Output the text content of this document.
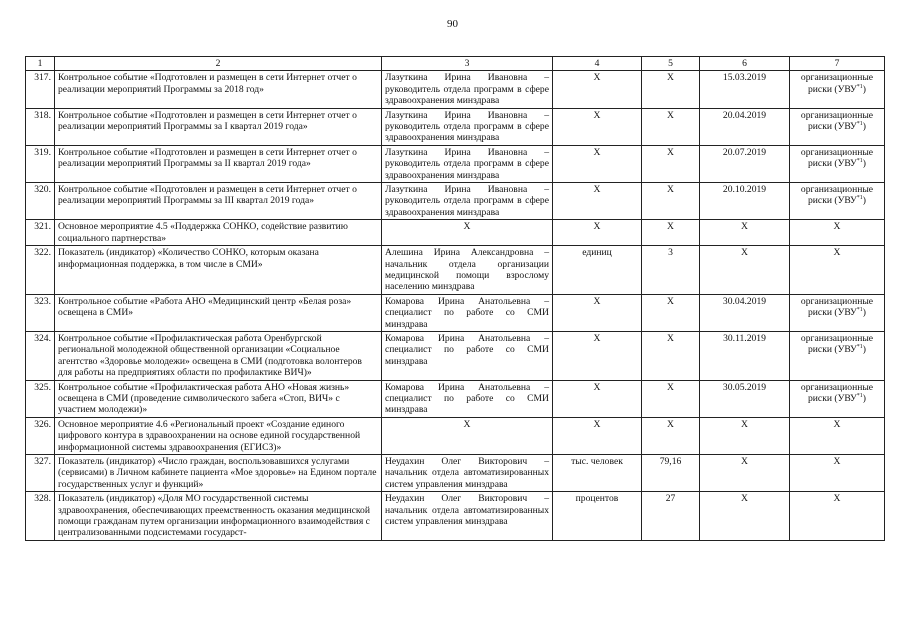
90
1	2	3	4	5	6	7
317.	Контрольное событие «Подготовлен и размещен в сети Интернет отчет о реализации мероприятий Программы за 2018 год»	Лазуткина Ирина Ивановна – руководитель отдела программ в сфере здравоохранения минздрава	Х	Х	15.03.2019	организационные риски (УВУ$^{*1}$)
318.	Контрольное событие «Подготовлен и размещен в сети Интернет отчет о реализации мероприятий Программы за I квартал 2019 года»	Лазуткина Ирина Ивановна – руководитель отдела программ в сфере здравоохранения минздрава	Х	Х	20.04.2019	организационные риски (УВУ$^{*1}$)
319.	Контрольное событие «Подготовлен и размещен в сети Интернет отчет о реализации мероприятий Программы за II квартал 2019 года»	Лазуткина Ирина Ивановна – руководитель отдела программ в сфере здравоохранения минздрава	Х	Х	20.07.2019	организационные риски (УВУ$^{*1}$)
320.	Контрольное событие «Подготовлен и размещен в сети Интернет отчет о реализации мероприятий Программы за III квартал 2019 года»	Лазуткина Ирина Ивановна – руководитель отдела программ в сфере здравоохранения минздрава	Х	Х	20.10.2019	организационные риски (УВУ$^{*1}$)
321.	Основное мероприятие 4.5 «Поддержка СОНКО, содействие развитию социального партнерства»	Х	Х	Х	Х	Х
322.	Показатель (индикатор) «Количество СОНКО, которым оказана информационная поддержка, в том числе в СМИ»	Алешина Ирина Александровна – начальник отдела организации медицинской помощи взрослому населению минздрава	единиц	3	Х	Х
323.	Контрольное событие «Работа АНО «Медицинский центр «Белая роза» освещена в СМИ»	Комарова Ирина Анатольевна – специалист по работе со СМИ минздрава	Х	Х	30.04.2019	организационные риски (УВУ$^{*1}$)
324.	Контрольное событие «Профилактическая работа Оренбургской региональной молодежной общественной организации «Социальное агентство «Здоровье молодежи» освещена в СМИ (подготовка волонтеров для работы на предприятиях области по профилактике ВИЧ)»	Комарова Ирина Анатольевна – специалист по работе со СМИ минздрава	Х	Х	30.11.2019	организационные риски (УВУ$^{*1}$)
325.	Контрольное событие «Профилактическая работа АНО «Новая жизнь» освещена в СМИ (проведение символического забега «Стоп, ВИЧ» с участием молодежи)»	Комарова Ирина Анатольевна – специалист по работе со СМИ минздрава	Х	Х	30.05.2019	организационные риски (УВУ$^{*1}$)
326.	Основное мероприятие 4.6 «Региональный проект «Создание единого цифрового контура в здравоохранении на основе единой государственной информационной системы здравоохранения (ЕГИСЗ)»	Х	Х	Х	Х	Х
327.	Показатель (индикатор) «Число граждан, воспользовавшихся услугами (сервисами) в Личном кабинете пациента «Мое здоровье» на Едином портале государственных услуг и функций»	Неудахин Олег Викторович – начальник отдела автоматизированных систем управления минздрава	тыс. человек	79,16	Х	Х
328.	Показатель (индикатор) «Доля МО государственной системы здравоохранения, обеспечивающих преемственность оказания медицинской помощи гражданам путем организации информационного взаимодействия с централизованными подсистемами государст-	Неудахин Олег Викторович – начальник отдела автоматизированных систем управления минздрава	процентов	27	Х	Х
